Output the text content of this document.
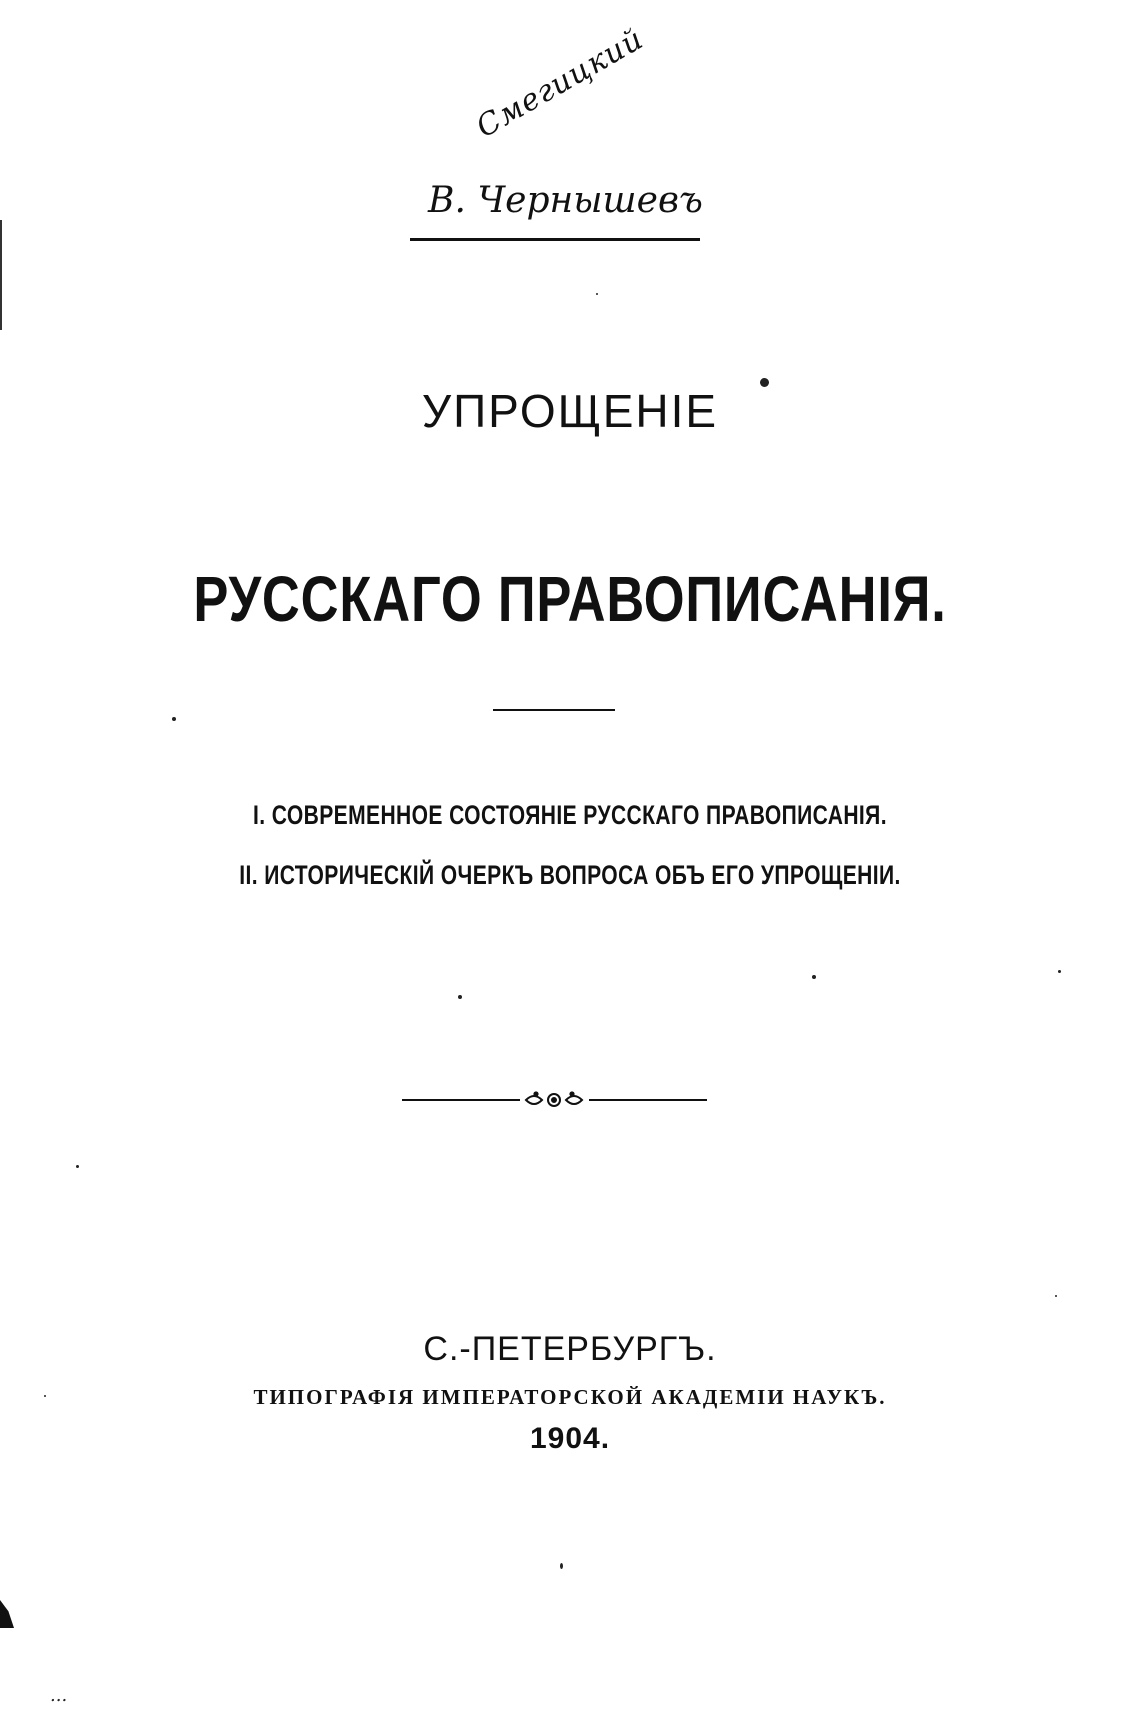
Смегицкий
В. Чернышевъ
УПРОЩЕНІЕ
РУССКАГО ПРАВОПИСАНІЯ.
I. СОВРЕМЕННОЕ СОСТОЯНІЕ РУССКАГО ПРАВОПИСАНІЯ.
II. ИСТОРИЧЕСКІЙ ОЧЕРКЪ ВОПРОСА ОБЪ ЕГО УПРОЩЕНІИ.
С.-ПЕТЕРБУРГЪ.
ТИПОГРАФІЯ ИМПЕРАТОРСКОЙ АКАДЕМІИ НАУКЪ.
1904.
...
